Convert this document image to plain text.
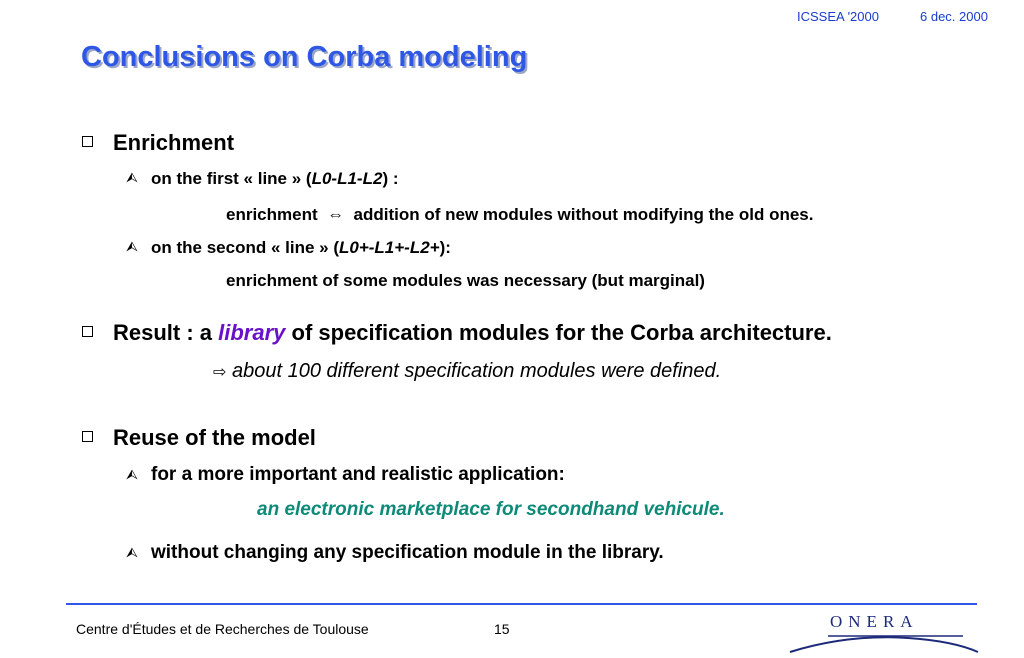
ICSSEA '2000	6 dec. 2000
Conclusions on Corba modeling
Enrichment
⮙ on the first « line » (L0-L1-L2) :
enrichment ⇔ addition of new modules without modifying the old ones.
⮙ on the second « line » (L0+-L1+-L2+):
enrichment of some modules was necessary (but marginal)
Result : a library of specification modules for the Corba architecture.
⇨ about 100 different specification modules were defined.
Reuse of the model
⮙ for a more important and realistic application:
an electronic marketplace for secondhand vehicule.
⮙ without changing any specification module in the library.
Centre d'Études et de Recherches de Toulouse	15	ONERA
